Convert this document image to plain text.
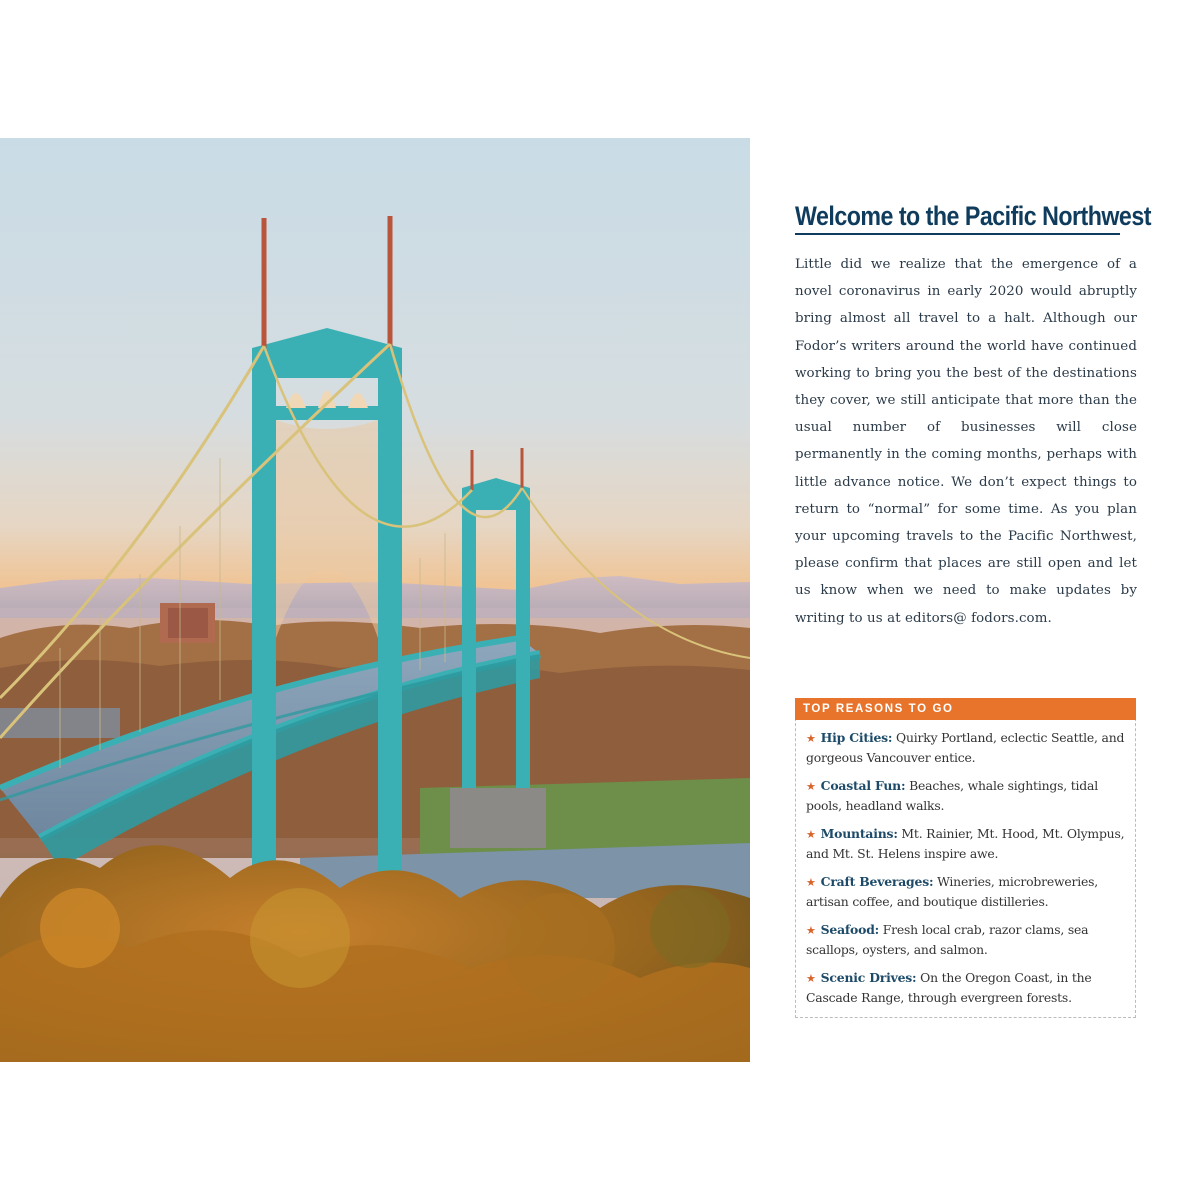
Welcome to the Pacific Northwest

Little did we realize that the emergence of a novel coronavirus in early 2020 would abruptly bring almost all travel to a halt. Although our Fodor’s writers around the world have continued working to bring you the best of the destinations they cover, we still anticipate that more than the usual number of businesses will close permanently in the coming months, perhaps with little advance notice. We don’t expect things to return to “normal” for some time. As you plan your upcoming travels to the Pacific Northwest, please confirm that places are still open and let us know when we need to make updates by writing to us at editors@ fodors.com.

TOP REASONS TO GO
★ Hip Cities: Quirky Portland, eclectic Seattle, and gorgeous Vancouver entice.
★ Coastal Fun: Beaches, whale sightings, tidal pools, headland walks.
★ Mountains: Mt. Rainier, Mt. Hood, Mt. Olympus, and Mt. St. Helens inspire awe.
★ Craft Beverages: Wineries, microbreweries, artisan coffee, and boutique distilleries.
★ Seafood: Fresh local crab, razor clams, sea scallops, oysters, and salmon.
★ Scenic Drives: On the Oregon Coast, in the Cascade Range, through evergreen forests.
